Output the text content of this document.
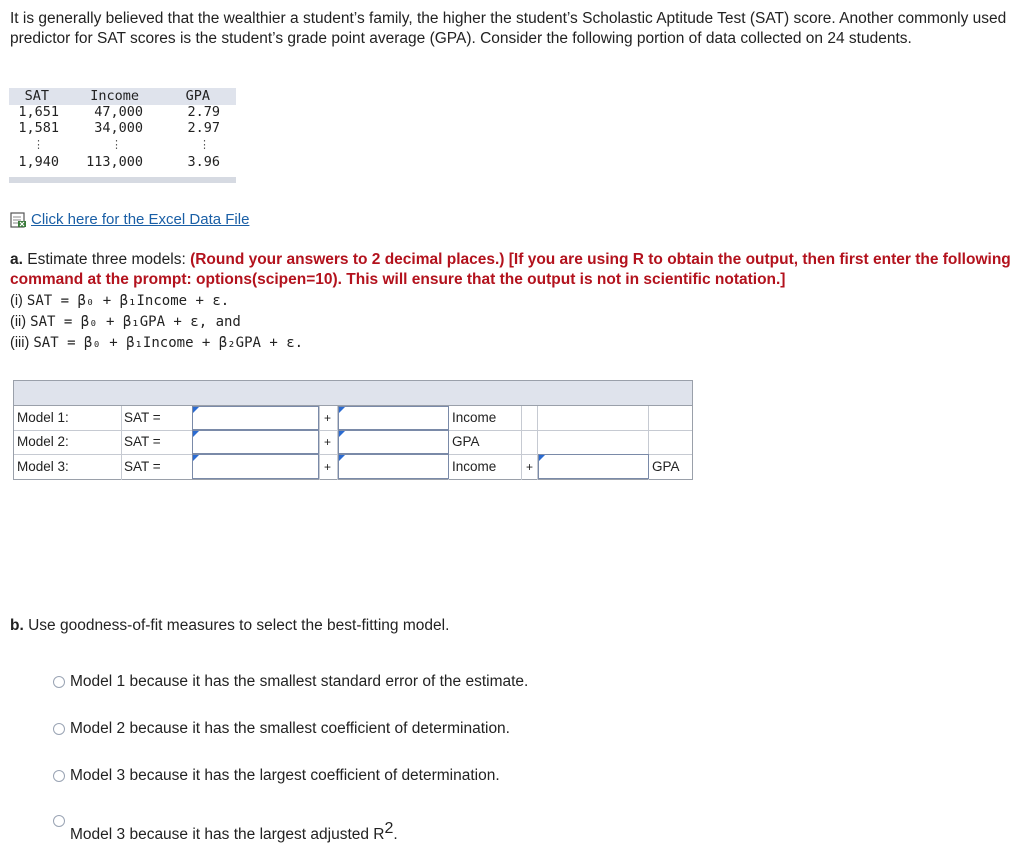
It is generally believed that the wealthier a student’s family, the higher the student’s Scholastic Aptitude Test (SAT) score. Another commonly used predictor for SAT scores is the student’s grade point average (GPA). Consider the following portion of data collected on 24 students.
SAT	Income	GPA
1,651	47,000	2.79
1,581	34,000	2.97
⋮	⋮	⋮
1,940	113,000	3.96
Click here for the Excel Data File
a. Estimate three models: (Round your answers to 2 decimal places.) [If you are using R to obtain the output, then first enter the following command at the prompt: options(scipen=10). This will ensure that the output is not in scientific notation.]
(i) SAT = β₀ + β₁Income + ε.
(ii) SAT = β₀ + β₁GPA + ε, and
(iii) SAT = β₀ + β₁Income + β₂GPA + ε.
Model 1:	SAT =	+	Income
Model 2:	SAT =	+	GPA
Model 3:	SAT =	+	Income +	GPA
b. Use goodness-of-fit measures to select the best-fitting model.
Model 1 because it has the smallest standard error of the estimate.
Model 2 because it has the smallest coefficient of determination.
Model 3 because it has the largest coefficient of determination.
Model 3 because it has the largest adjusted $R^2$.
